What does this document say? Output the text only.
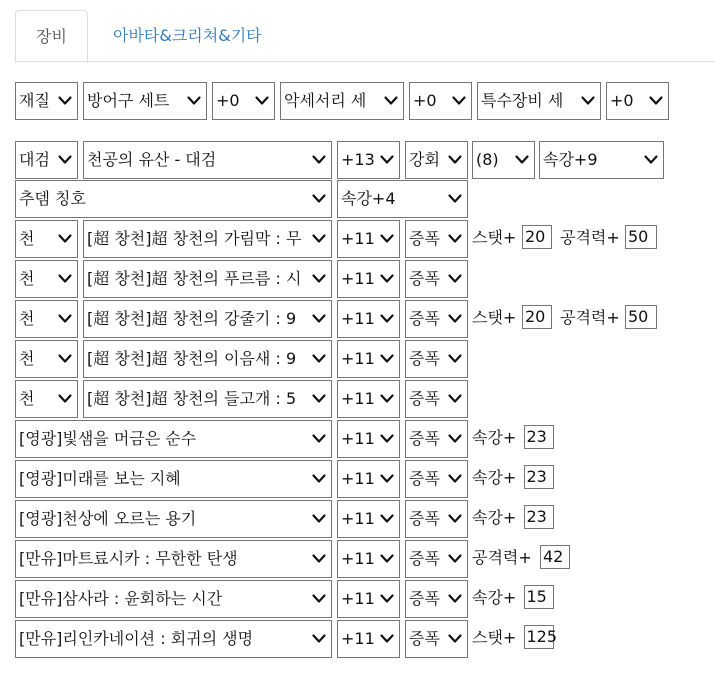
장비	아바타&크리쳐&기타
재질	방어구 세트	+0	악세서리 세	+0	특수장비 세	+0
대검	천공의 유산 - 대검	+13 강회	(8)	속강+9
추뎀 칭호	속강+4
천	[超 창천]超 창천의 가림막 : 무	+11 증폭	스탯+ 20 공격력+ 50
천	[超 창천]超 창천의 푸르름 : 시	+11 증폭
천	[超 창천]超 창천의 강줄기 : 9	+11 증폭	스탯+ 20 공격력+ 50
천	[超 창천]超 창천의 이음새 : 9	+11 증폭
천	[超 창천]超 창천의 들고개 : 5	+11 증폭
[영광]빛샘을 머금은 순수	+11 증폭	속강+ 23
[영광]미래를 보는 지혜	+11 증폭	속강+ 23
[영광]천상에 오르는 용기	+11 증폭	속강+ 23
[만유]마트료시카 : 무한한 탄생	+11 증폭	공격력+ 42
[만유]삼사라 : 윤회하는 시간	+11 증폭	속강+ 15
[만유]리인카네이션 : 회귀의 생명	+11 증폭	스탯+ 125
